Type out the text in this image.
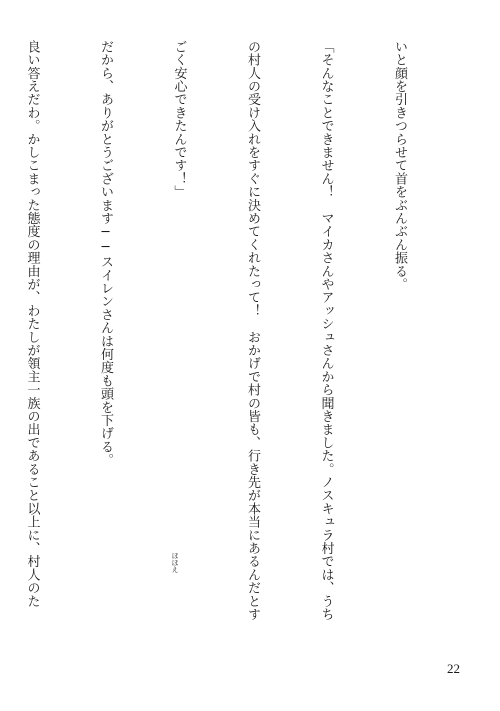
いと顔を引きつらせて首をぶんぶん振る。

「そんなことできません！　マイカさんやアッシュさんから聞きました。ノスキュラ村では、うち

の村人の受け入れをすぐに決めてくれたって！　おかげで村の皆も、行き先が本当にあるんだとす

ごく安心できたんです！」

だから、ありがとうございます──スイレンさんは何度も頭を下げる。

良い答えだわ。かしこまった態度の理由が、わたしが領主一族の出であること以上に、村人のた

	ほほえ
22
